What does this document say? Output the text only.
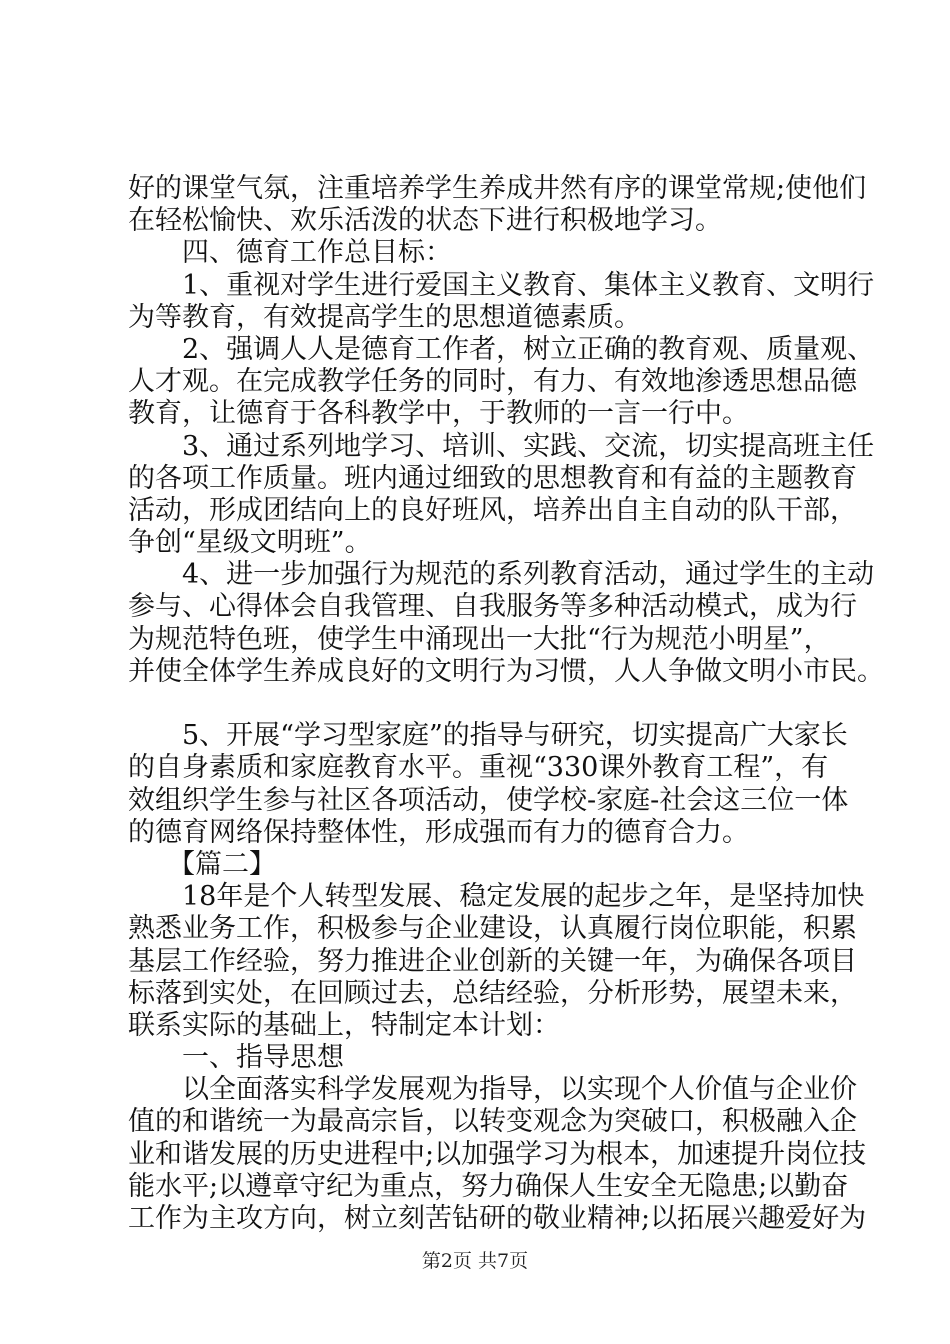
好的课堂气氛，注重培养学生养成井然有序的课堂常规;使他们
在轻松愉快、欢乐活泼的状态下进行积极地学习。
四、德育工作总目标：
1、重视对学生进行爱国主义教育、集体主义教育、文明行
为等教育，有效提高学生的思想道德素质。
2、强调人人是德育工作者，树立正确的教育观、质量观、
人才观。在完成教学任务的同时，有力、有效地渗透思想品德
教育，让德育于各科教学中，于教师的一言一行中。
3、通过系列地学习、培训、实践、交流，切实提高班主任
的各项工作质量。班内通过细致的思想教育和有益的主题教育
活动，形成团结向上的良好班风，培养出自主自动的队干部，
争创“星级文明班”。
4、进一步加强行为规范的系列教育活动，通过学生的主动
参与、心得体会自我管理、自我服务等多种活动模式，成为行
为规范特色班，使学生中涌现出一大批“行为规范小明星”，
并使全体学生养成良好的文明行为习惯，人人争做文明小市民。
5、开展“学习型家庭”的指导与研究，切实提高广大家长
的自身素质和家庭教育水平。重视“330课外教育工程”，有
效组织学生参与社区各项活动，使学校-家庭-社会这三位一体
的德育网络保持整体性，形成强而有力的德育合力。
【篇二】
18年是个人转型发展、稳定发展的起步之年，是坚持加快
熟悉业务工作，积极参与企业建设，认真履行岗位职能，积累
基层工作经验，努力推进企业创新的关键一年，为确保各项目
标落到实处，在回顾过去，总结经验，分析形势，展望未来，
联系实际的基础上，特制定本计划：
一、指导思想
以全面落实科学发展观为指导，以实现个人价值与企业价
值的和谐统一为最高宗旨，以转变观念为突破口，积极融入企
业和谐发展的历史进程中;以加强学习为根本，加速提升岗位技
能水平;以遵章守纪为重点，努力确保人生安全无隐患;以勤奋
工作为主攻方向，树立刻苦钻研的敬业精神;以拓展兴趣爱好为
第2页 共7页
